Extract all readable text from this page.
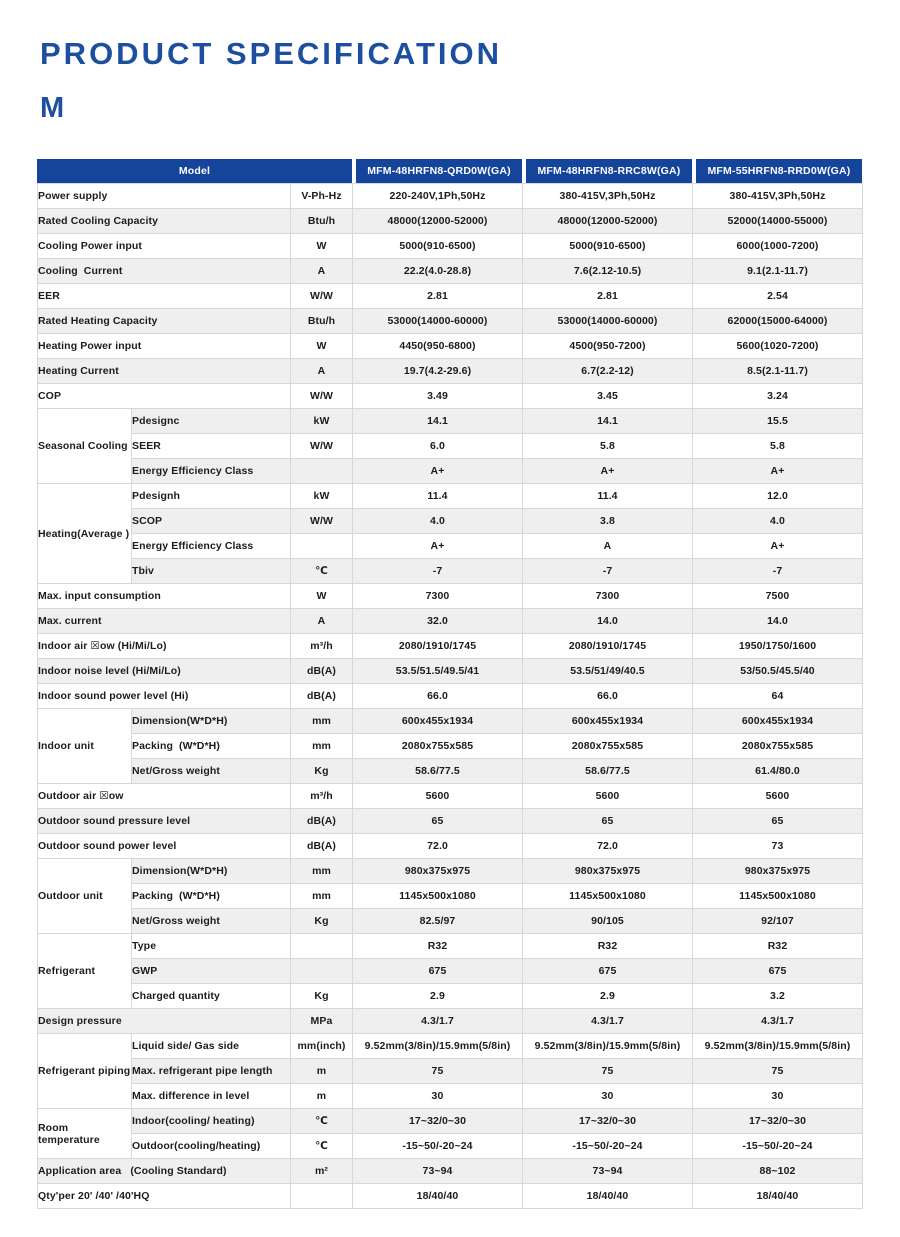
PRODUCT SPECIFICATION
M
Model	MFM-48HRFN8-QRD0W(GA)	MFM-48HRFN8-RRC8W(GA)	MFM-55HRFN8-RRD0W(GA)
Power supply		V-Ph-Hz	220-240V,1Ph,50Hz	380-415V,3Ph,50Hz	380-415V,3Ph,50Hz
Rated Cooling Capacity		Btu/h	48000(12000-52000)	48000(12000-52000)	52000(14000-55000)
Cooling Power input		W	5000(910-6500)	5000(910-6500)	6000(1000-7200)
Cooling  Current		A	22.2(4.0-28.8)	7.6(2.12-10.5)	9.1(2.1-11.7)
EER		W/W	2.81	2.81	2.54
Rated Heating Capacity		Btu/h	53000(14000-60000)	53000(14000-60000)	62000(15000-64000)
Heating Power input		W	4450(950-6800)	4500(950-7200)	5600(1020-7200)
Heating Current		A	19.7(4.2-29.6)	6.7(2.2-12)	8.5(2.1-11.7)
COP		W/W	3.49	3.45	3.24
Seasonal Cooling	Pdesignc	kW	14.1	14.1	15.5
	SEER	W/W	6.0	5.8	5.8
	Energy Efficiency Class		A+	A+	A+
Heating(Average )	Pdesignh	kW	11.4	11.4	12.0
	SCOP	W/W	4.0	3.8	4.0
	Energy Efficiency Class		A+	A	A+
	Tbiv	℃	-7	-7	-7
Max. input consumption		W	7300	7300	7500
Max. current		A	32.0	14.0	14.0
Indoor air ☒ow (Hi/Mi/Lo)		m³/h	2080/1910/1745	2080/1910/1745	1950/1750/1600
Indoor noise level (Hi/Mi/Lo)		dB(A)	53.5/51.5/49.5/41	53.5/51/49/40.5	53/50.5/45.5/40
Indoor sound power level (Hi)		dB(A)	66.0	66.0	64
Indoor unit	Dimension(W*D*H)	mm	600x455x1934	600x455x1934	600x455x1934
	Packing  (W*D*H)	mm	2080x755x585	2080x755x585	2080x755x585
	Net/Gross weight	Kg	58.6/77.5	58.6/77.5	61.4/80.0
Outdoor air ☒ow		m³/h	5600	5600	5600
Outdoor sound pressure level		dB(A)	65	65	65
Outdoor sound power level		dB(A)	72.0	72.0	73
Outdoor unit	Dimension(W*D*H)	mm	980x375x975	980x375x975	980x375x975
	Packing  (W*D*H)	mm	1145x500x1080	1145x500x1080	1145x500x1080
	Net/Gross weight	Kg	82.5/97	90/105	92/107
Refrigerant	Type		R32	R32	R32
	GWP		675	675	675
	Charged quantity	Kg	2.9	2.9	3.2
Design pressure		MPa	4.3/1.7	4.3/1.7	4.3/1.7
Refrigerant piping	Liquid side/ Gas side	mm(inch)	9.52mm(3/8in)/15.9mm(5/8in)	9.52mm(3/8in)/15.9mm(5/8in)	9.52mm(3/8in)/15.9mm(5/8in)
	Max. refrigerant pipe length	m	75	75	75
	Max. difference in level	m	30	30	30
Room  temperature	Indoor(cooling/ heating)	℃	17~32/0~30	17~32/0~30	17~32/0~30
	Outdoor(cooling/heating)	℃	-15~50/-20~24	-15~50/-20~24	-15~50/-20~24
Application area   (Cooling Standard)		m²	73~94	73~94	88~102
Qty'per 20' /40' /40'HQ			18/40/40	18/40/40	18/40/40
